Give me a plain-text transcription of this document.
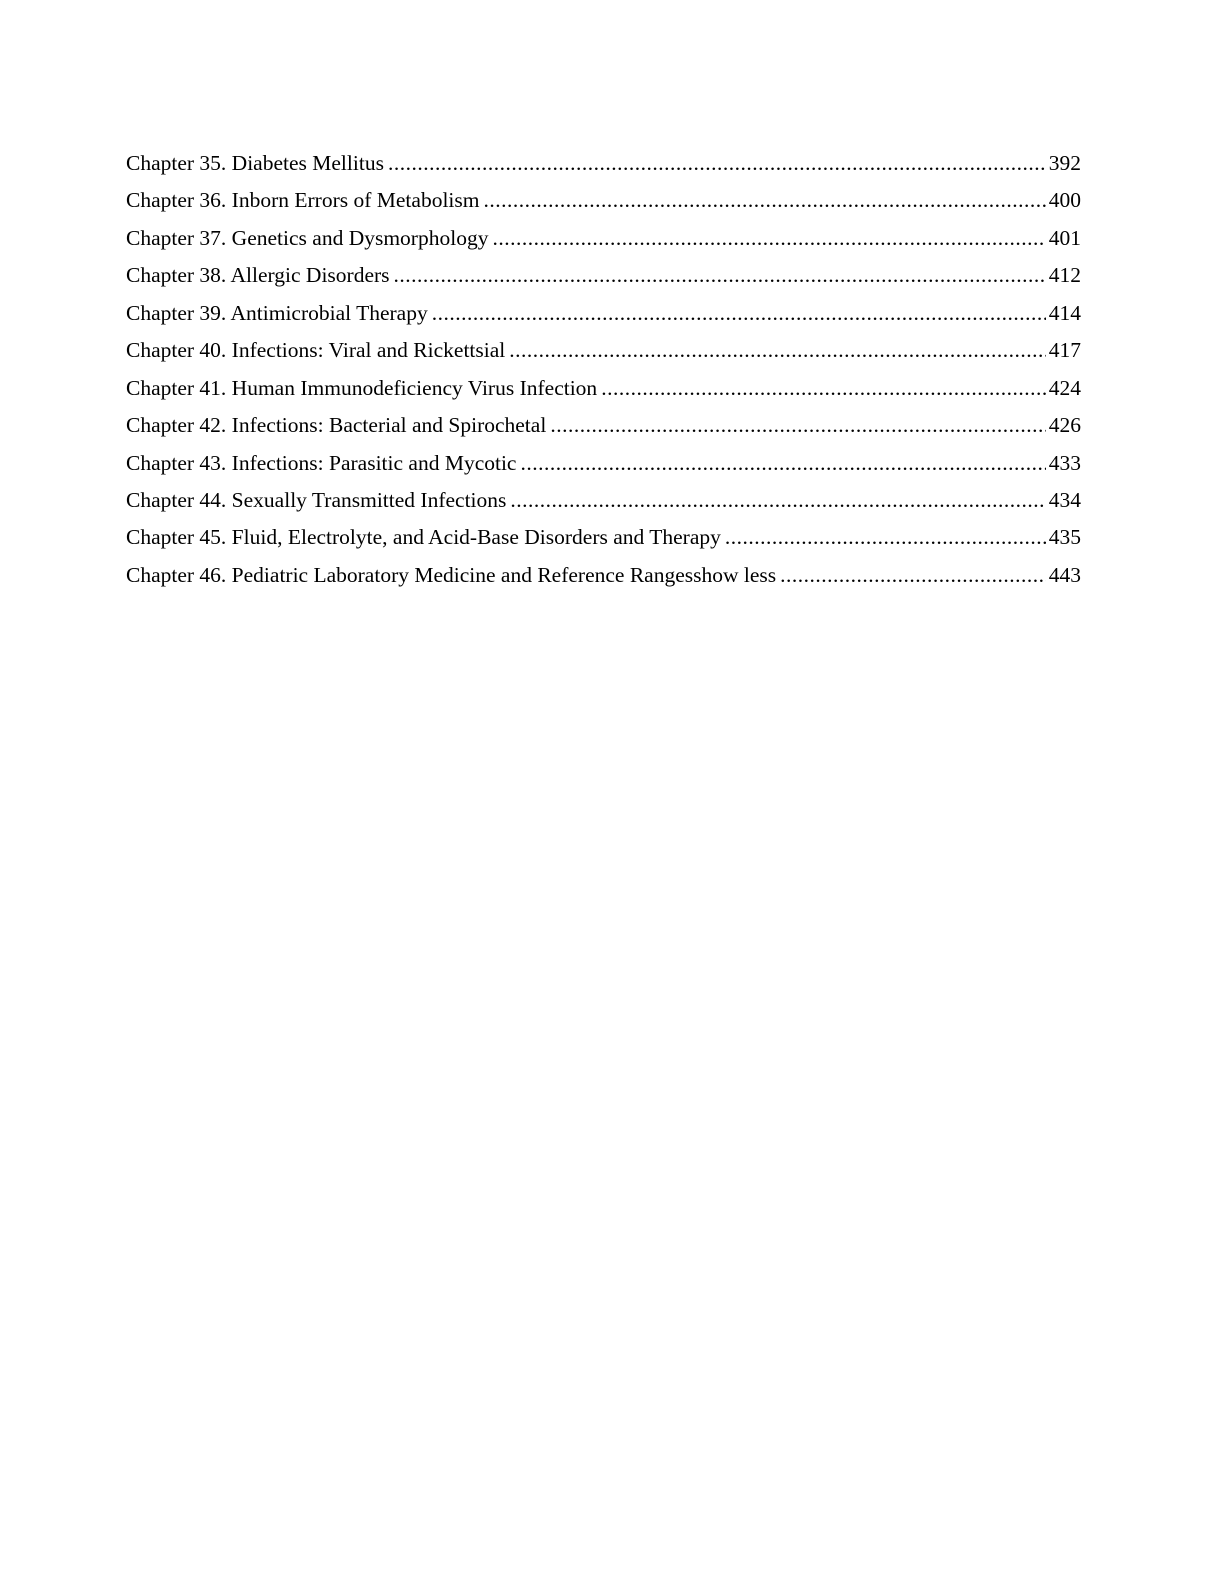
Chapter 35. Diabetes Mellitus .....	392
Chapter 36. Inborn Errors of Metabolism .....	400
Chapter 37. Genetics and Dysmorphology .....	401
Chapter 38. Allergic Disorders .....	412
Chapter 39. Antimicrobial Therapy .....	414
Chapter 40. Infections: Viral and Rickettsial .....	417
Chapter 41. Human Immunodeficiency Virus Infection .....	424
Chapter 42. Infections: Bacterial and Spirochetal .....	426
Chapter 43. Infections: Parasitic and Mycotic .....	433
Chapter 44. Sexually Transmitted Infections .....	434
Chapter 45. Fluid, Electrolyte, and Acid-Base Disorders and Therapy .....	435
Chapter 46. Pediatric Laboratory Medicine and Reference Rangesshow less .....	443
